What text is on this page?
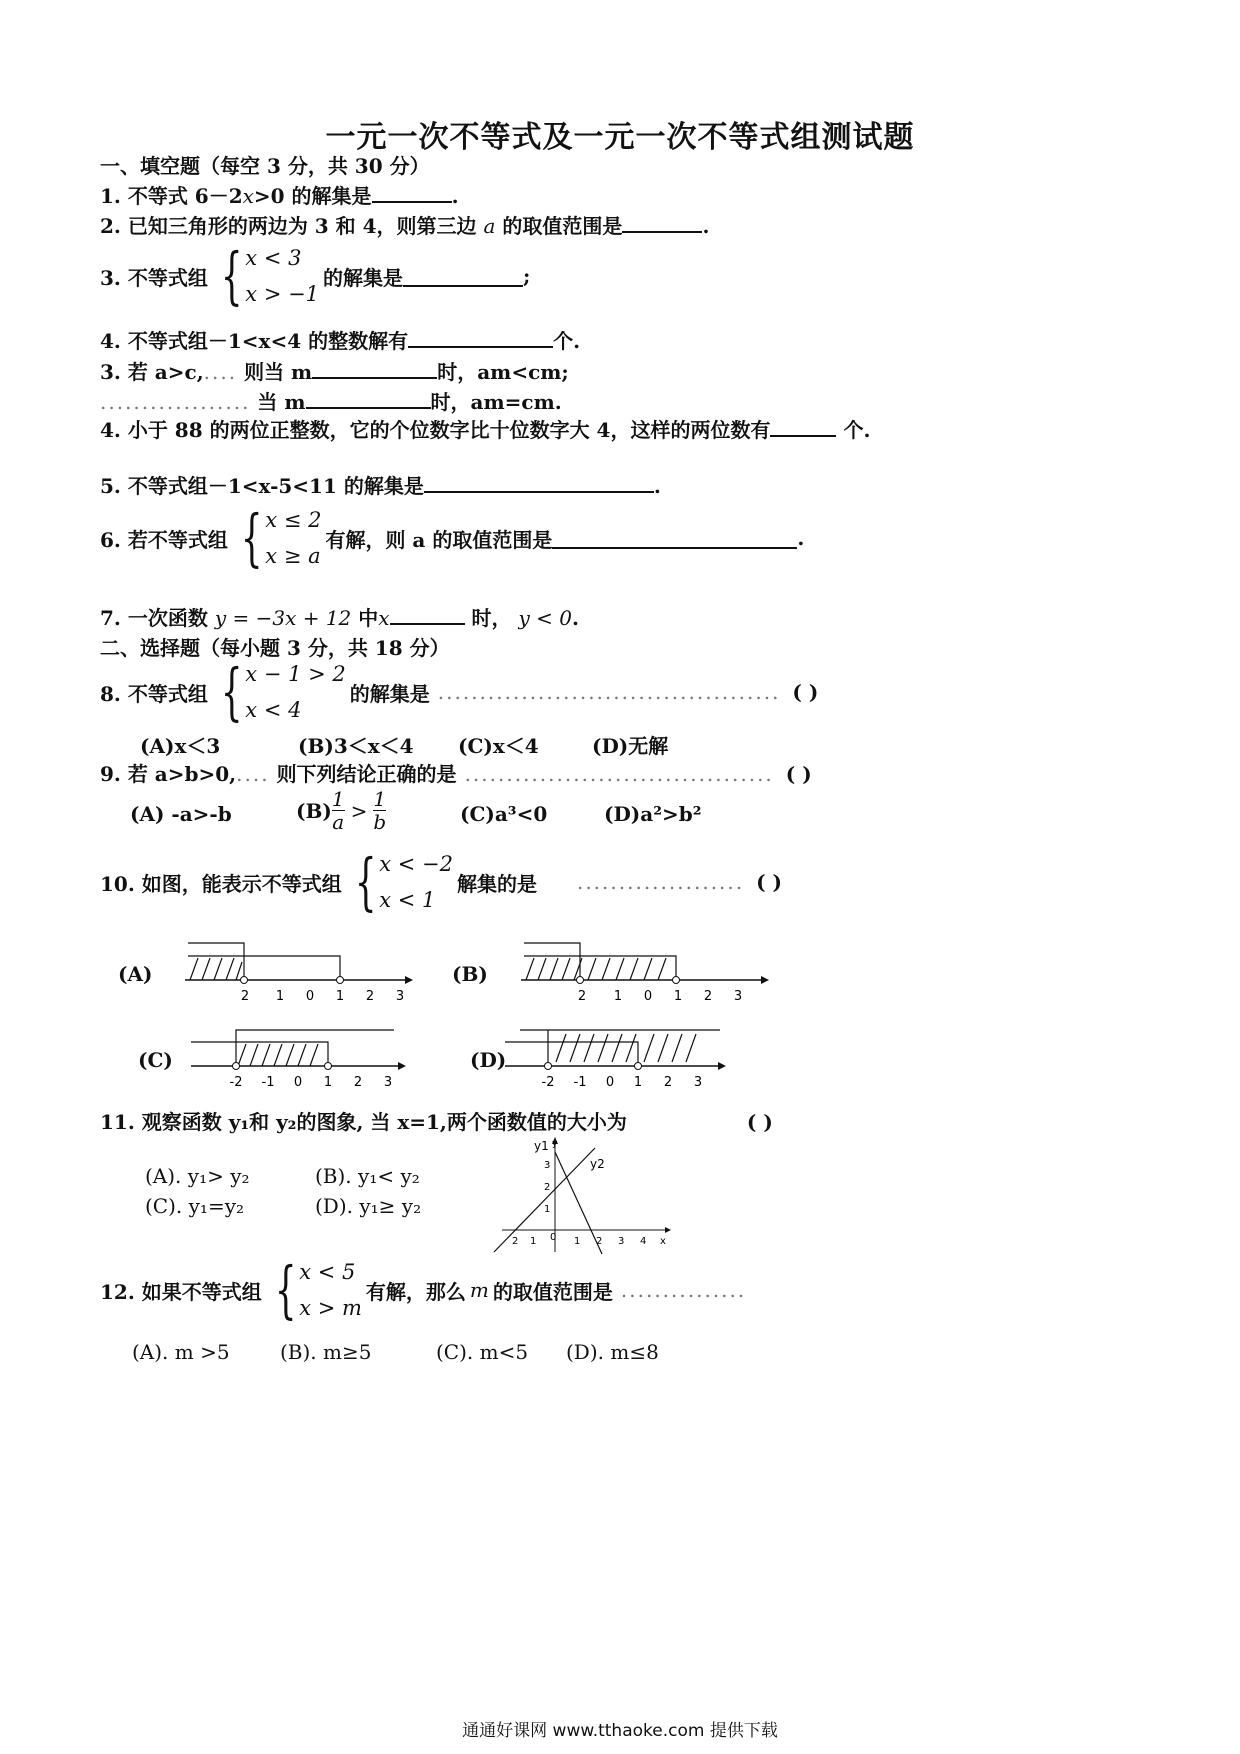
一元一次不等式及一元一次不等式组测试题
一、填空题（每空 3 分，共 30 分）
1. 不等式 6－2x>0 的解集是	.
2. 已知三角形的两边为 3 和 4，则第三边 a 的取值范围是	.
3. 不等式组 { x < 3
x > −1
的解集是	;
4. 不等式组－1<x<4 的整数解有	个.
3. 若 a>c,.... 则当 m	时，am<cm;
.................. 当 m	时，am=cm.
4. 小于 88 的两位正整数，它的个位数字比十位数字大 4，这样的两位数有	个.
5. 不等式组－1<x-5<11 的解集是	.
6. 若不等式组 { x ≤ 2
x ≥ a
有解，则 a 的取值范围是	.
7. 一次函数 y = −3x + 12 中x	时， y < 0.
二、选择题（每小题 3 分，共 18 分）
8. 不等式组 { x − 1 > 2
x < 4
的解集是 ......................................... ( )
(A)x＜3	(B)3＜x＜4 (C)x＜4	(D)无解
9. 若 a>b>0,.... 则下列结论正确的是 ..................................... ( )
(A) -a>-b	$(B) \frac{1}{a} > \frac{1}{b}$	(C)a³<0	(D)a²>b²
10. 如图，能表示不等式组 { x < −2
x < 1
解集的是 .................... ( )
(A)	(B)
(C)	(D)
2 1 0 1 2 3	2 1 0 1 2 3
-2 -1 0 1 2 3	-2 -1 0 1 2 3
11. 观察函数 y₁和 y₂的图象, 当 x=1,两个函数值的大小为	( )
(A). y₁> y₂	(B). y₁< y₂
(C). y₁=y₂	(D). y₁≥ y₂
y1
y2
y
x
2 1 0 1 2 3 4
3
2
1
12. 如果不等式组 { x < 5
x > m
有解，那么 m 的取值范围是 ...............
(A). m >5	(B). m≥5	(C). m<5 (D). m≤8
通通好课网 www.tthaoke.com 提供下载
